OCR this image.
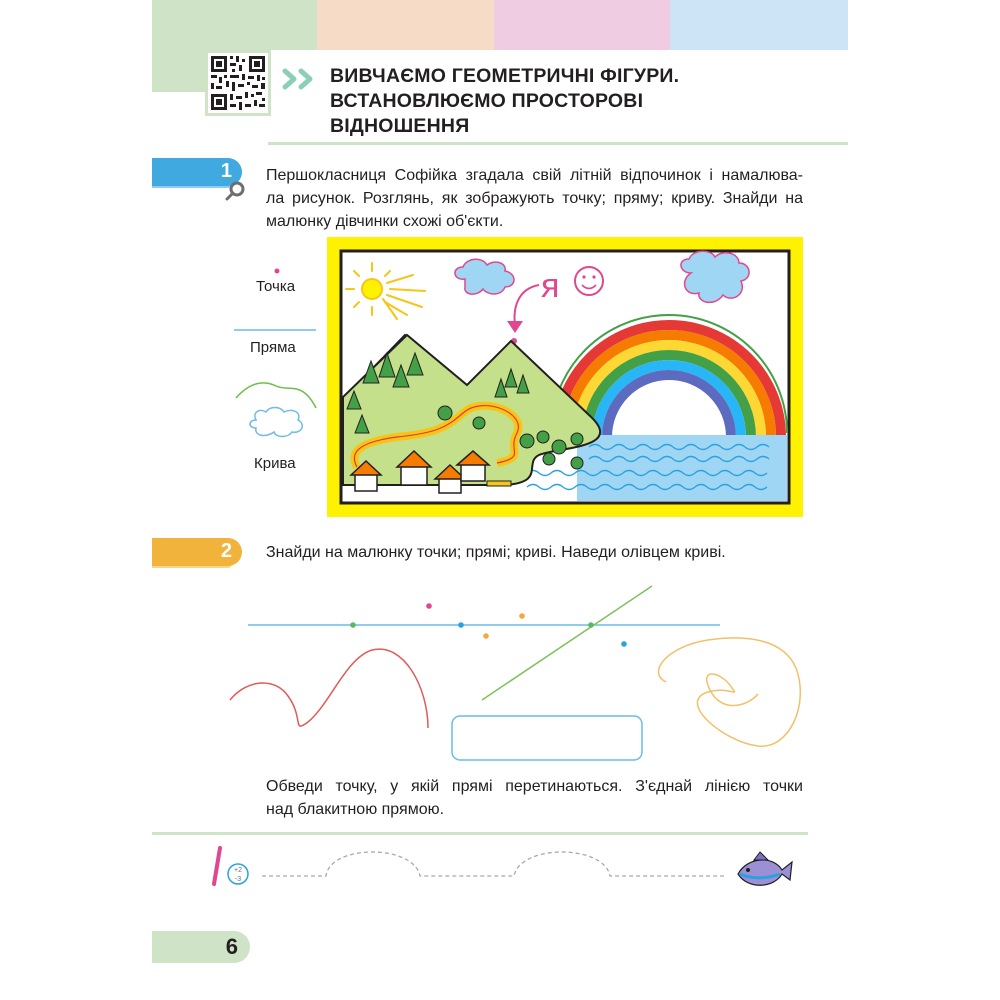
ВИВЧАЄМО ГЕОМЕТРИЧНІ ФІГУРИ.
ВСТАНОВЛЮЄМО ПРОСТОРОВІ
ВІДНОШЕННЯ
1 Першокласниця Софійка згадала свій літній відпочинок і намалюва-
ла рисунок. Розглянь, як зображують точку; пряму; криву. Знайди на
малюнку дівчинки схожі об'єкти.
Точка
Пряма
Крива
я
2 Знайди на малюнку точки; прямі; криві. Наведи олівцем криві.
Обведи точку, у якій прямі перетинаються. З'єднай лінією точки
над блакитною прямою.
+2
-3
6
